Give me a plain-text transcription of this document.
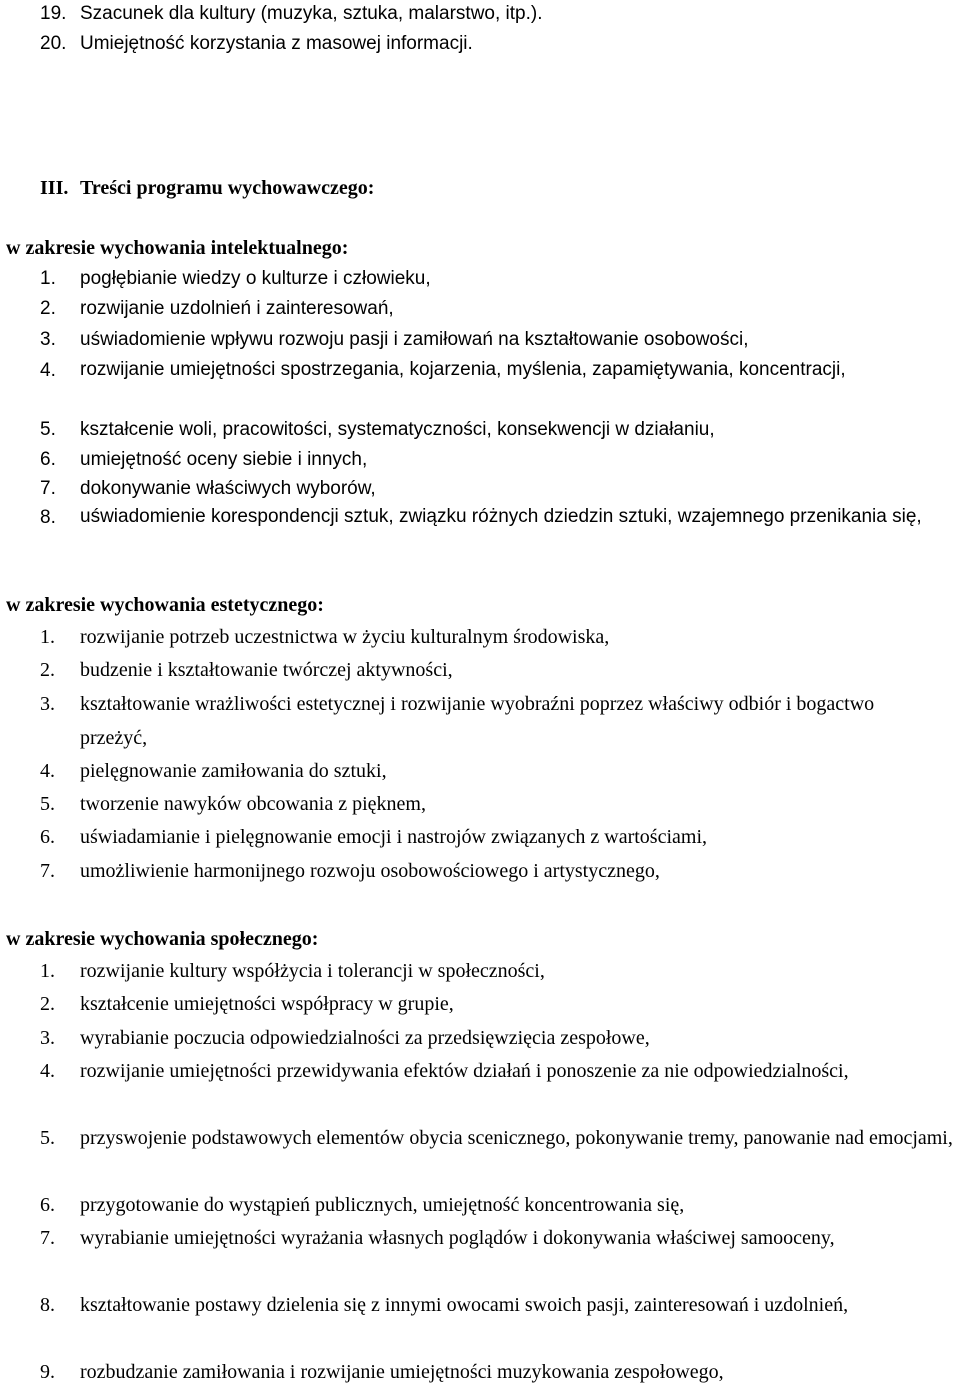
19. Szacunek dla kultury (muzyka, sztuka, malarstwo, itp.).
20. Umiejętność korzystania z masowej informacji.
III. Treści programu wychowawczego:
w zakresie wychowania intelektualnego:
1. pogłębianie wiedzy o kulturze i człowieku,
2. rozwijanie uzdolnień i zainteresowań,
3. uświadomienie wpływu rozwoju pasji i zamiłowań na kształtowanie osobowości,
4. rozwijanie umiejętności spostrzegania, kojarzenia, myślenia, zapamiętywania, koncentracji,
5. kształcenie woli, pracowitości, systematyczności, konsekwencji w działaniu,
6. umiejętność oceny siebie i innych,
7. dokonywanie właściwych wyborów,
8. uświadomienie korespondencji sztuk, związku różnych dziedzin sztuki, wzajemnego przenikania się,
w zakresie wychowania estetycznego:
1. rozwijanie potrzeb uczestnictwa w życiu kulturalnym środowiska,
2. budzenie i kształtowanie twórczej aktywności,
3. kształtowanie wrażliwości estetycznej i rozwijanie wyobraźni poprzez właściwy odbiór i bogactwo przeżyć,
4. pielęgnowanie zamiłowania do sztuki,
5. tworzenie nawyków obcowania z pięknem,
6. uświadamianie i pielęgnowanie emocji i nastrojów związanych z wartościami,
7. umożliwienie harmonijnego rozwoju osobowościowego i artystycznego,
w zakresie wychowania społecznego:
1. rozwijanie kultury współżycia i tolerancji w społeczności,
2. kształcenie umiejętności współpracy w grupie,
3. wyrabianie poczucia odpowiedzialności za przedsięwzięcia zespołowe,
4. rozwijanie umiejętności przewidywania efektów działań i ponoszenie za nie odpowiedzialności,
5. przyswojenie podstawowych elementów obycia scenicznego, pokonywanie tremy, panowanie nad emocjami,
6. przygotowanie do wystąpień publicznych, umiejętność koncentrowania się,
7. wyrabianie umiejętności wyrażania własnych poglądów i dokonywania właściwej samooceny,
8. kształtowanie postawy dzielenia się z innymi owocami swoich pasji, zainteresowań i uzdolnień,
9. rozbudzanie zamiłowania i rozwijanie umiejętności muzykowania zespołowego,
